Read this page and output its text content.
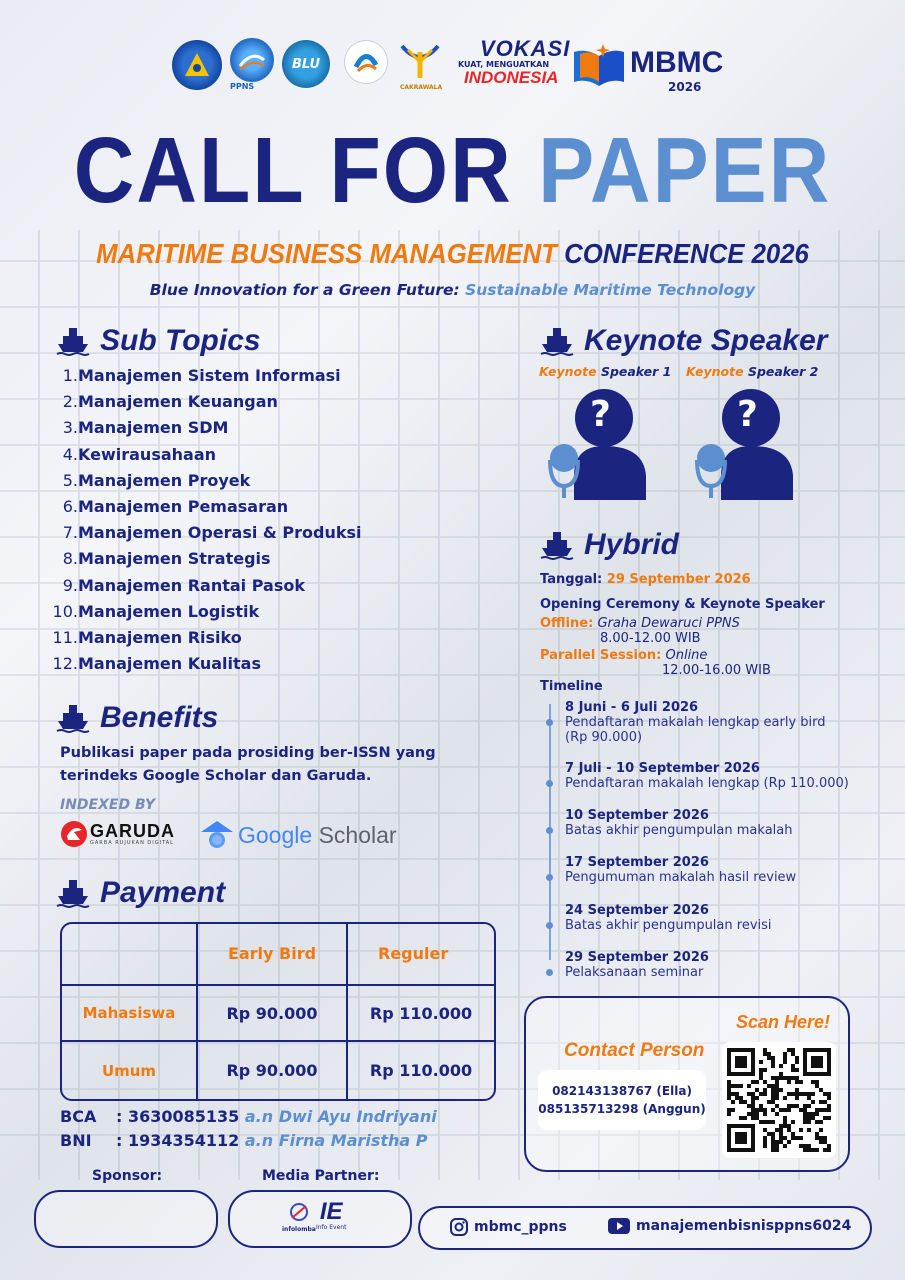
PPNS
BLU
CAKRAWALA
VOKASI
KUAT, MENGUATKAN
INDONESIA MBMC
2026
CALL FOR PAPER
MARITIME BUSINESS MANAGEMENT CONFERENCE 2026
Blue Innovation for a Green Future: Sustainable Maritime Technology
Sub Topics
1. Manajemen Sistem Informasi
2. Manajemen Keuangan
3. Manajemen SDM
4. Kewirausahaan
5. Manajemen Proyek
6. Manajemen Pemasaran
7. Manajemen Operasi & Produksi
8. Manajemen Strategis
9. Manajemen Rantai Pasok
10. Manajemen Logistik
11. Manajemen Risiko
12. Manajemen Kualitas
Benefits
Publikasi paper pada prosiding ber-ISSN yang
terindeks Google Scholar dan Garuda.
INDEXED BY
GARUDA
GARBA RUJUKAN DIGITAL	Google Scholar
Payment
	Early Bird	Reguler
Mahasiswa	Rp 90.000	Rp 110.000
Umum	Rp 90.000	Rp 110.000
BCA : 3630085135 a.n Dwi Ayu Indriyani
BNI : 1934354112 a.n Firna Maristha P
Sponsor:	Media Partner:
infolomba
IE
Info Event	mbmc_ppns	manajemenbisnisppns6024
Keynote Speaker
Keynote Speaker 1 Keynote Speaker 2
?	?
Hybrid
Tanggal: 29 September 2026
Opening Ceremony & Keynote Speaker
Offline: Graha Dewaruci PPNS
8.00-12.00 WIB
Parallel Session: Online
12.00-16.00 WIB
Timeline
8 Juni - 6 Juli 2026
Pendaftaran makalah lengkap early bird
(Rp 90.000)
7 Juli - 10 September 2026
Pendaftaran makalah lengkap (Rp 110.000)
10 September 2026
Batas akhir pengumpulan makalah
17 September 2026
Pengumuman makalah hasil review
24 September 2026
Batas akhir pengumpulan revisi
29 September 2026
Pelaksanaan seminar
Contact Person
082143138767 (Ella)
085135713298 (Anggun)
Scan Here!
